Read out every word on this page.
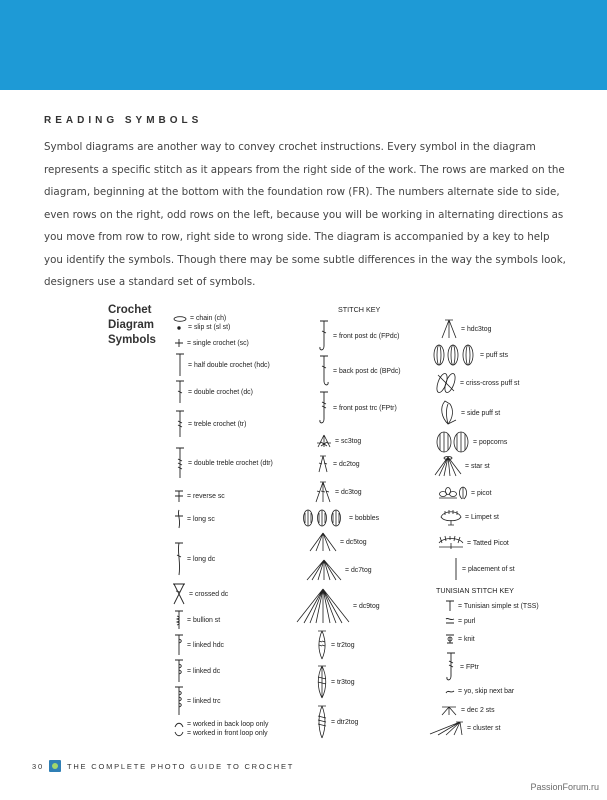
READING SYMBOLS

Symbol diagrams are another way to convey crochet instructions. Every symbol in the diagram represents a specific stitch as it appears from the right side of the work. The rows are marked on the diagram, beginning at the bottom with the foundation row (FR). The numbers alternate side to side, even rows on the right, odd rows on the left, because you will be working in alternating directions as you move from row to row, right side to wrong side. The diagram is accompanied by a key to help you identify the symbols. Though there may be some subtle differences in the way the symbols look, designers use a standard set of symbols.

Crochet
Diagram
Symbols
STITCH KEY
TUNISIAN STITCH KEY
= chain (ch)
= slip st (sl st)
= single crochet (sc)
= half double crochet (hdc)
= double crochet (dc)
= treble crochet (tr)
= double treble crochet (dtr)
= reverse sc
= long sc
= long dc
= crossed dc
= bullion st
= linked hdc
= linked dc
= linked trc
= worked in back loop only
= worked in front loop only
= front post dc (FPdc)
= back post dc (BPdc)
= front post trc (FPtr)
= sc3tog
= dc2tog
= dc3tog
= bobbles
= dc5tog
= dc7tog
= dc9tog
= tr2tog
= tr3tog
= dtr2tog
= hdc3tog
= puff sts
= criss-cross puff st
= side puff st
= popcorns
= star st
= picot
= Limpet st
= Tatted Picot
= placement of st
= Tunisian simple st (TSS)
= purl
= knit
= FPtr
= yo, skip next bar
= dec 2 sts
= cluster st
30	THE COMPLETE PHOTO GUIDE TO CROCHET
PassionForum.ru
